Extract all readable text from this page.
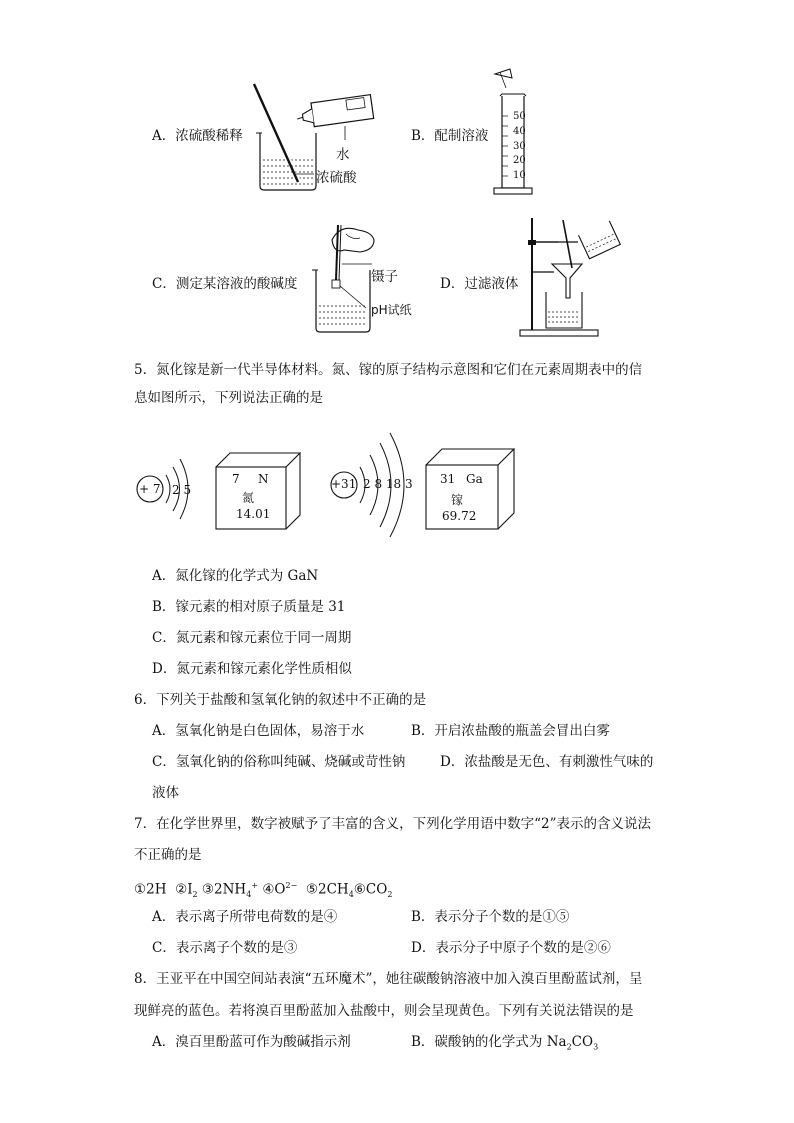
A．浓硫酸稀释
水
浓硫酸
B．配制溶液
50
40
30
20
10
C．测定某溶液的酸碱度	镊子
pH试纸
D．过滤液体
5．氮化镓是新一代半导体材料。氮、镓的原子结构示意图和它们在元素周期表中的信
息如图所示，下列说法正确的是
+ 7 2 5
7 N
氮
14.01
+31 2 8 18 3 31 Ga
镓
69.72
A．氮化镓的化学式为 GaN
B．镓元素的相对原子质量是 31
C．氮元素和镓元素位于同一周期
D．氮元素和镓元素化学性质相似
6．下列关于盐酸和氢氧化钠的叙述中不正确的是
A．氢氧化钠是白色固体，易溶于水	B．开启浓盐酸的瓶盖会冒出白雾
C．氢氧化钠的俗称叫纯碱、烧碱或苛性钠	D．浓盐酸是无色、有刺激性气味的
液体
7．在化学世界里，数字被赋予了丰富的含义，下列化学用语中数字“2”表示的含义说法
不正确的是
①2H $②I_2$ $③2NH_4^+$ $④O^{2-}$ $⑤2CH_4⑥CO_2$
A．表示离子所带电荷数的是④	B．表示分子个数的是①⑤
C．表示离子个数的是③	D．表示分子中原子个数的是②⑥
8．王亚平在中国空间站表演“五环魔术”，她往碳酸钠溶液中加入溴百里酚蓝试剂，呈
现鲜亮的蓝色。若将溴百里酚蓝加入盐酸中，则会呈现黄色。下列有关说法错误的是
A．溴百里酚蓝可作为酸碱指示剂	B．碳酸钠的化学式为 $Na_2CO_3$
